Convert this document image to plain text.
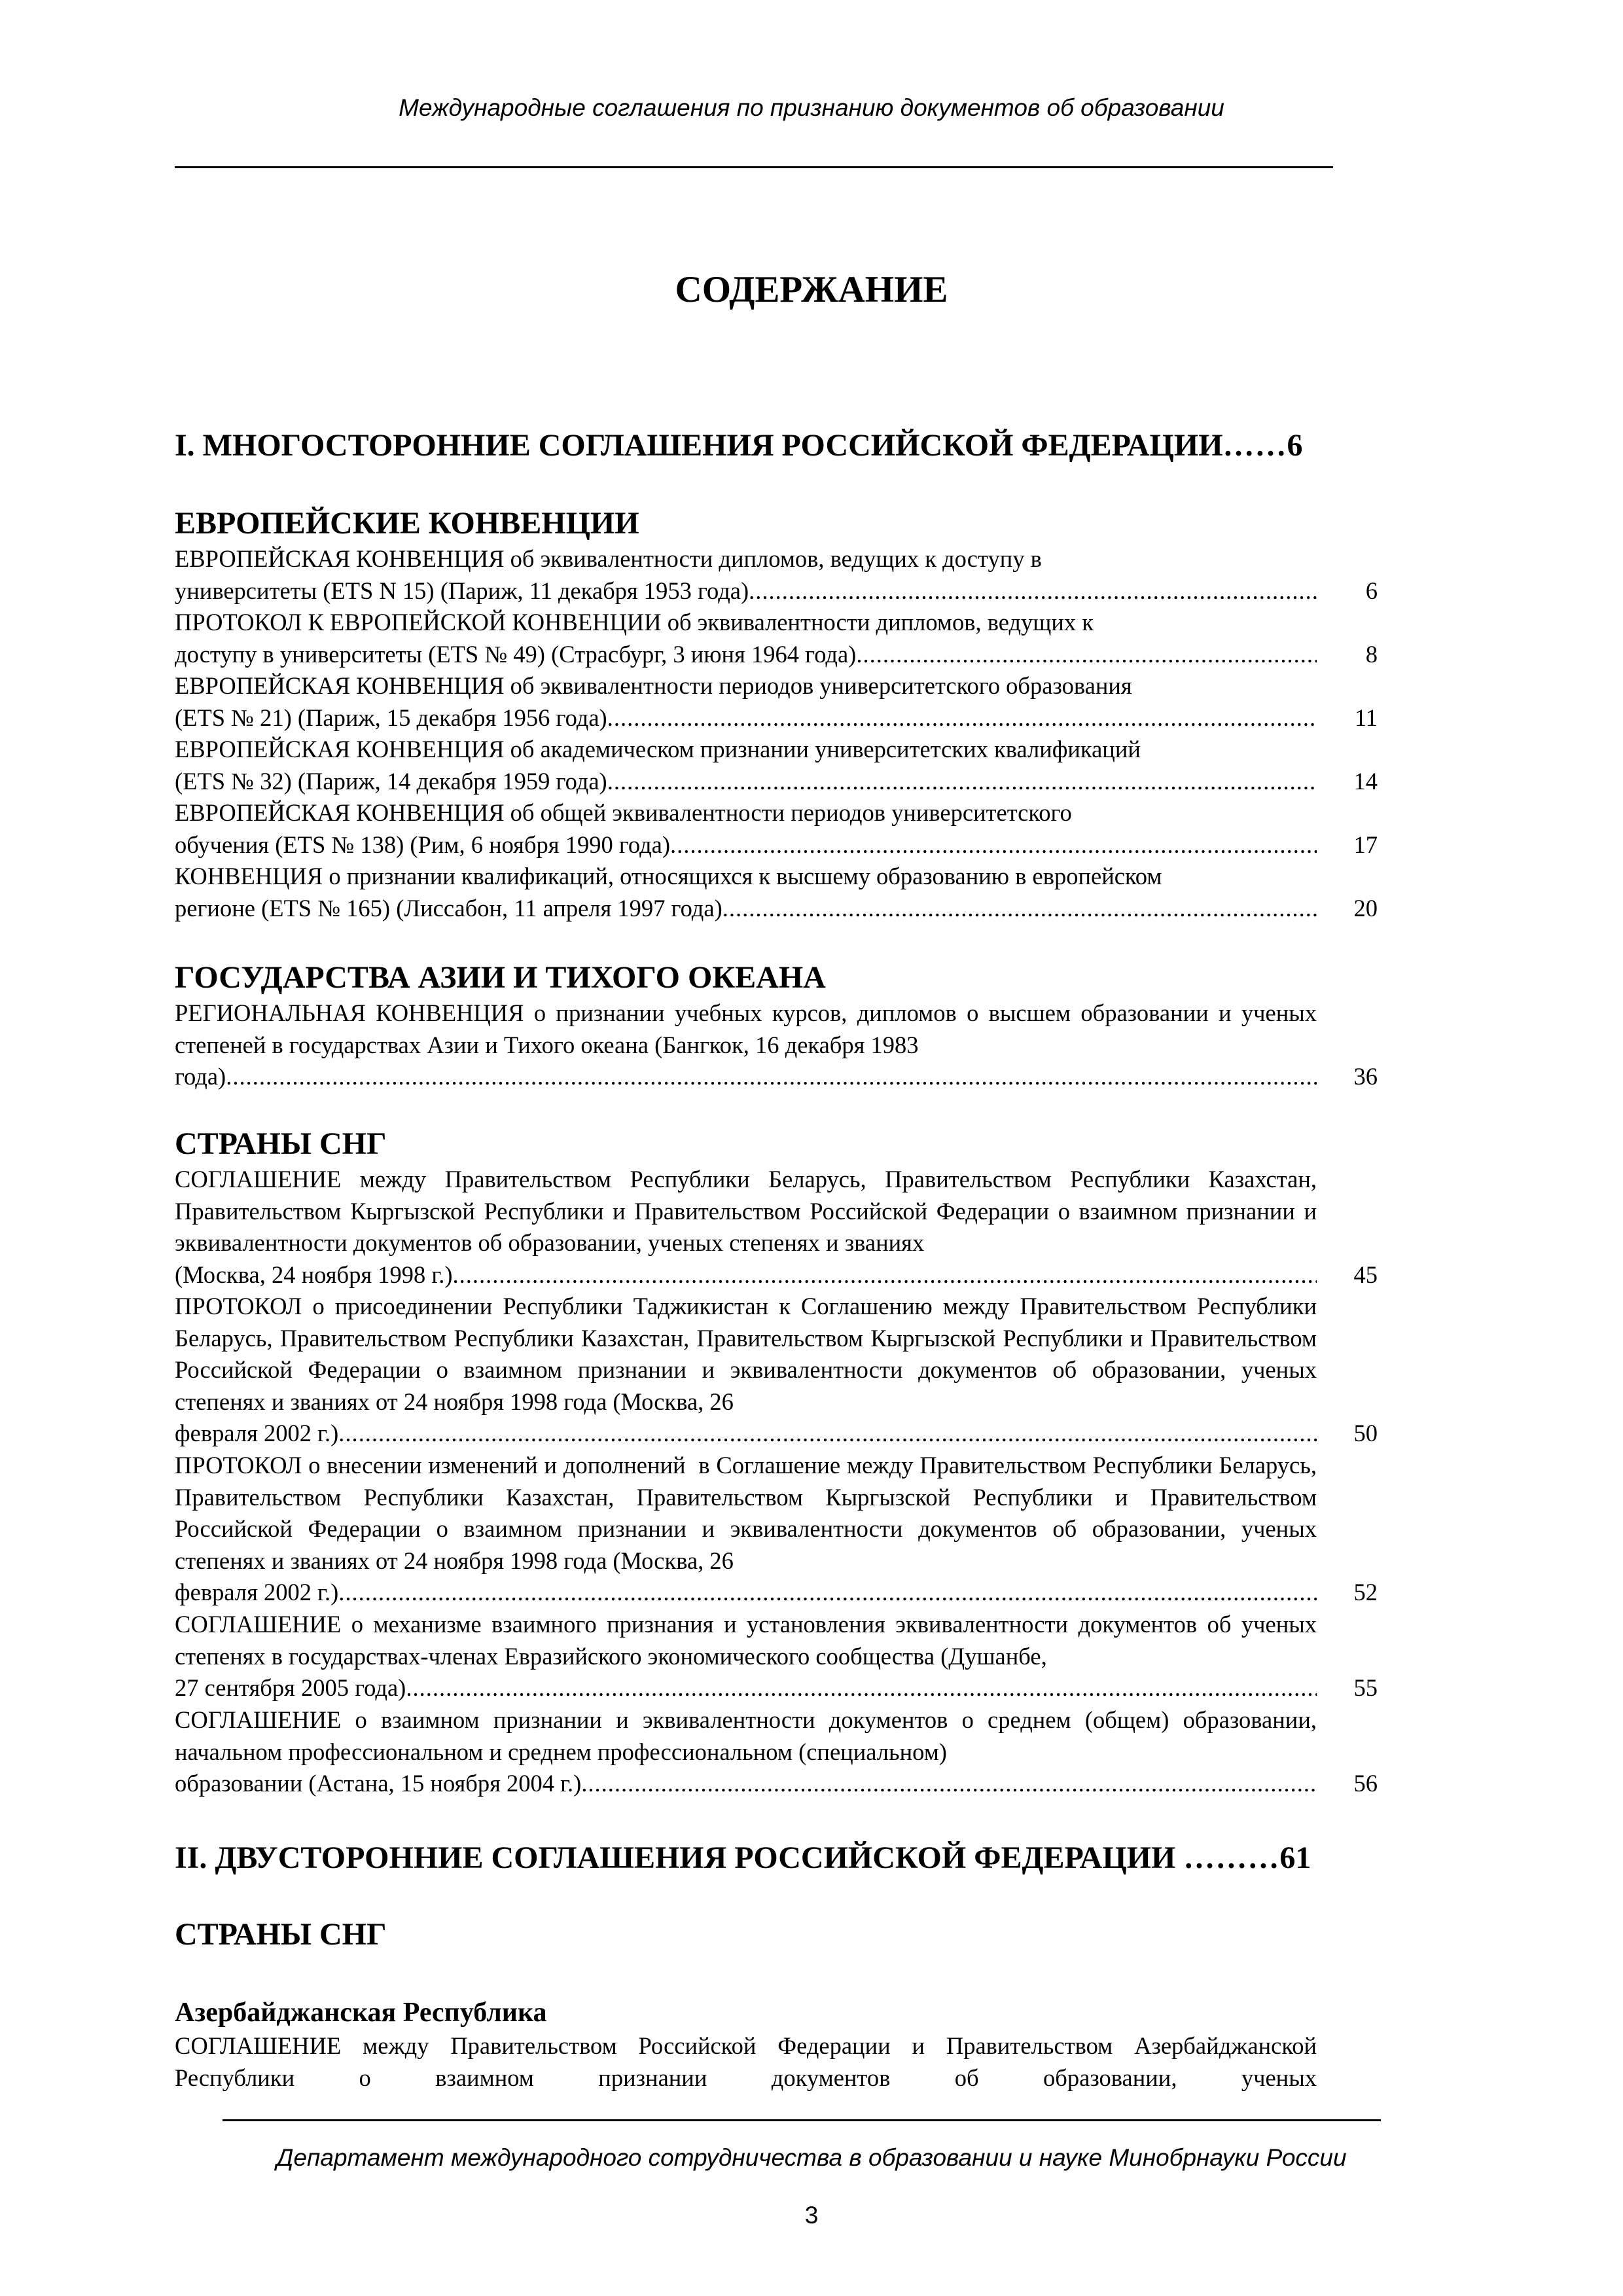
Международные соглашения по признанию документов об образовании
СОДЕРЖАНИЕ
I. МНОГОСТОРОННИЕ СОГЛАШЕНИЯ РОССИЙСКОЙ ФЕДЕРАЦИИ……6
ЕВРОПЕЙСКИЕ КОНВЕНЦИИ
ЕВРОПЕЙСКАЯ КОНВЕНЦИЯ об эквивалентности дипломов, ведущих к доступу в
университеты (ETS N 15) (Париж, 11 декабря 1953 года) .....	6
ПРОТОКОЛ К ЕВРОПЕЙСКОЙ КОНВЕНЦИИ об эквивалентности дипломов, ведущих к
доступу в университеты (ETS № 49) (Страсбург, 3 июня 1964 года) .....	8
ЕВРОПЕЙСКАЯ КОНВЕНЦИЯ об эквивалентности периодов университетского образования
(ETS № 21) (Париж, 15 декабря 1956 года) .....	11
ЕВРОПЕЙСКАЯ КОНВЕНЦИЯ об академическом признании университетских квалификаций
(ETS № 32) (Париж, 14 декабря 1959 года) .....	14
ЕВРОПЕЙСКАЯ КОНВЕНЦИЯ об общей эквивалентности периодов университетского
обучения (ETS № 138) (Рим, 6 ноября 1990 года) .....	17
КОНВЕНЦИЯ о признании квалификаций, относящихся к высшему образованию в европейском
регионе (ETS № 165) (Лиссабон, 11 апреля 1997 года) .....	20
ГОСУДАРСТВА АЗИИ И ТИХОГО ОКЕАНА
РЕГИОНАЛЬНАЯ КОНВЕНЦИЯ о признании учебных курсов, дипломов о высшем образовании и ученых степеней в государствах Азии и Тихого океана (Бангкок, 16 декабря 1983
года) .....	36
СТРАНЫ СНГ
СОГЛАШЕНИЕ между Правительством Республики Беларусь, Правительством Республики Казахстан, Правительством Кыргызской Республики и Правительством Российской Федерации о взаимном признании и эквивалентности документов об образовании, ученых степенях и званиях
(Москва, 24 ноября 1998 г.) .....	45
ПРОТОКОЛ о присоединении Республики Таджикистан к Соглашению между Правительством Республики Беларусь, Правительством Республики Казахстан, Правительством Кыргызской Республики и Правительством Российской Федерации о взаимном признании и эквивалентности документов об образовании, ученых степенях и званиях от 24 ноября 1998 года (Москва, 26
февраля 2002 г.) .....	50
ПРОТОКОЛ о внесении изменений и дополнений  в Соглашение между Правительством Республики Беларусь, Правительством Республики Казахстан, Правительством Кыргызской Республики и Правительством Российской Федерации о взаимном признании и эквивалентности документов об образовании, ученых степенях и званиях от 24 ноября 1998 года (Москва, 26
февраля 2002 г.) .....	52
СОГЛАШЕНИЕ о механизме взаимного признания и установления эквивалентности документов об ученых степенях в государствах-членах Евразийского экономического сообщества (Душанбе,
27 сентября 2005 года) .....	55
СОГЛАШЕНИЕ о взаимном признании и эквивалентности документов о среднем (общем) образовании, начальном профессиональном и среднем профессиональном (специальном)
образовании (Астана, 15 ноября 2004 г.) .....	56
II. ДВУСТОРОННИЕ СОГЛАШЕНИЯ РОССИЙСКОЙ ФЕДЕРАЦИИ ………61
СТРАНЫ СНГ
Азербайджанская Республика
СОГЛАШЕНИЕ между Правительством Российской Федерации и Правительством Азербайджанской Республики о взаимном признании документов об образовании, ученых
Департамент международного сотрудничества в образовании и науке Минобрнауки России
3
